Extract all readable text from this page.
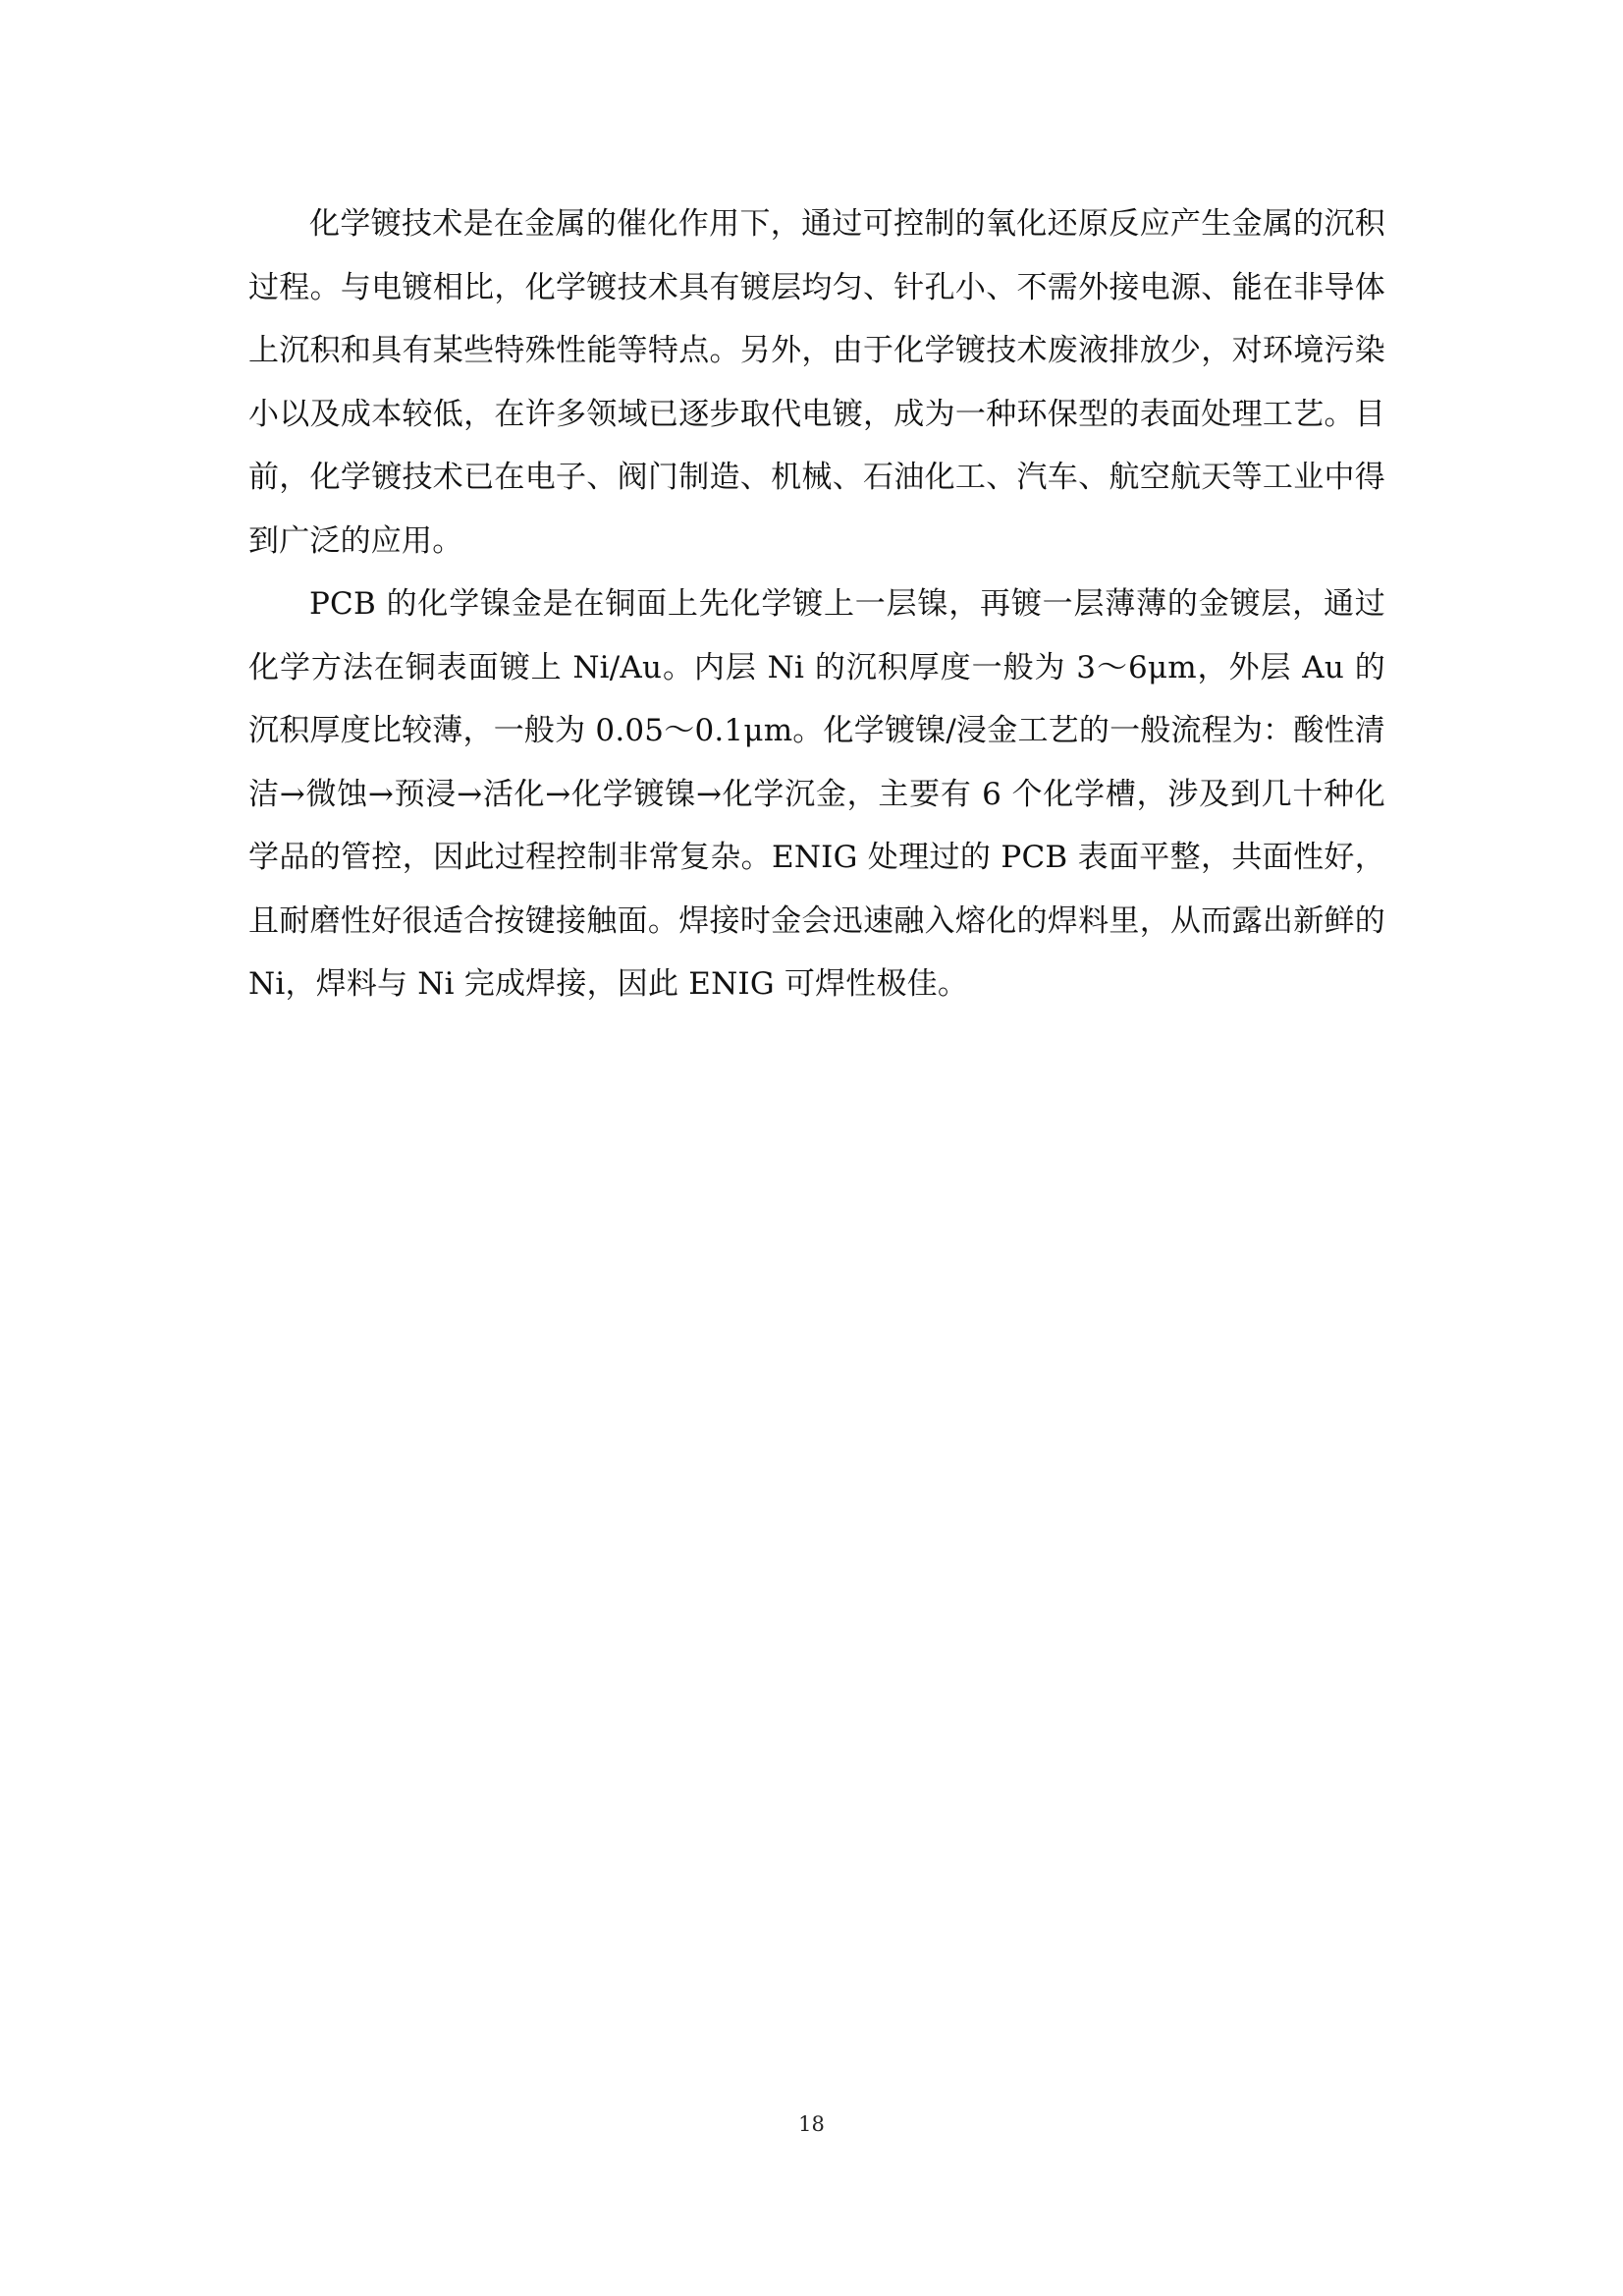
化学镀技术是在金属的催化作用下，通过可控制的氧化还原反应产生金属的沉积过程。与电镀相比，化学镀技术具有镀层均匀、针孔小、不需外接电源、能在非导体上沉积和具有某些特殊性能等特点。另外，由于化学镀技术废液排放少，对环境污染小以及成本较低，在许多领域已逐步取代电镀，成为一种环保型的表面处理工艺。目前，化学镀技术已在电子、阀门制造、机械、石油化工、汽车、航空航天等工业中得到广泛的应用。

PCB 的化学镍金是在铜面上先化学镀上一层镍，再镀一层薄薄的金镀层，通过化学方法在铜表面镀上 Ni/Au。内层 Ni 的沉积厚度一般为 3～6μm，外层 Au 的沉积厚度比较薄，一般为 0.05～0.1μm。化学镀镍/浸金工艺的一般流程为：酸性清洁→微蚀→预浸→活化→化学镀镍→化学沉金，主要有 6 个化学槽，涉及到几十种化学品的管控，因此过程控制非常复杂。ENIG 处理过的 PCB 表面平整，共面性好，且耐磨性好很适合按键接触面。焊接时金会迅速融入熔化的焊料里，从而露出新鲜的 Ni，焊料与 Ni 完成焊接，因此 ENIG 可焊性极佳。

18
